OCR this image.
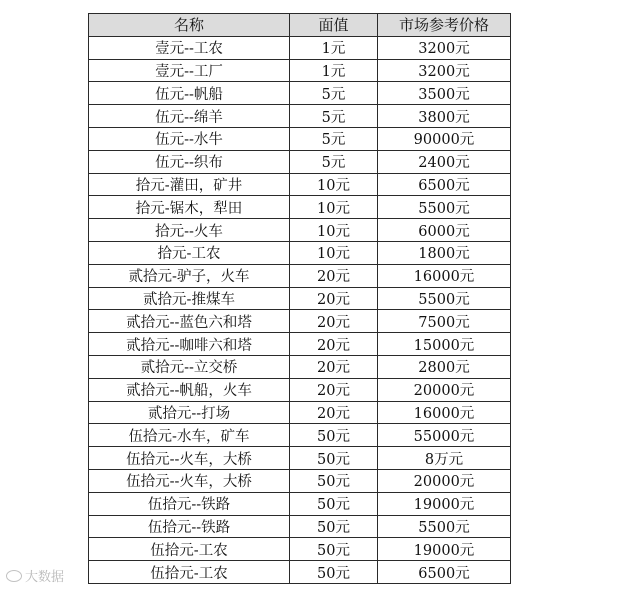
名称	面值	市场参考价格
壹元--工农	1元	3200元
壹元--工厂	1元	3200元
伍元--帆船	5元	3500元
伍元--绵羊	5元	3800元
伍元--水牛	5元	90000元
伍元--织布	5元	2400元
拾元-灌田，矿井	10元	6500元
拾元-锯木，犁田	10元	5500元
拾元--火车	10元	6000元
拾元-工农	10元	1800元
贰拾元-驴子，火车	20元	16000元
贰拾元-推煤车	20元	5500元
贰拾元--蓝色六和塔	20元	7500元
贰拾元--咖啡六和塔	20元	15000元
贰拾元--立交桥	20元	2800元
贰拾元--帆船，火车	20元	20000元
贰拾元--打场	20元	16000元
伍拾元-水车，矿车	50元	55000元
伍拾元--火车，大桥	50元	8万元
伍拾元--火车，大桥	50元	20000元
伍拾元--铁路	50元	19000元
伍拾元--铁路	50元	5500元
伍拾元-工农	50元	19000元
伍拾元-工农	50元	6500元
大数据
